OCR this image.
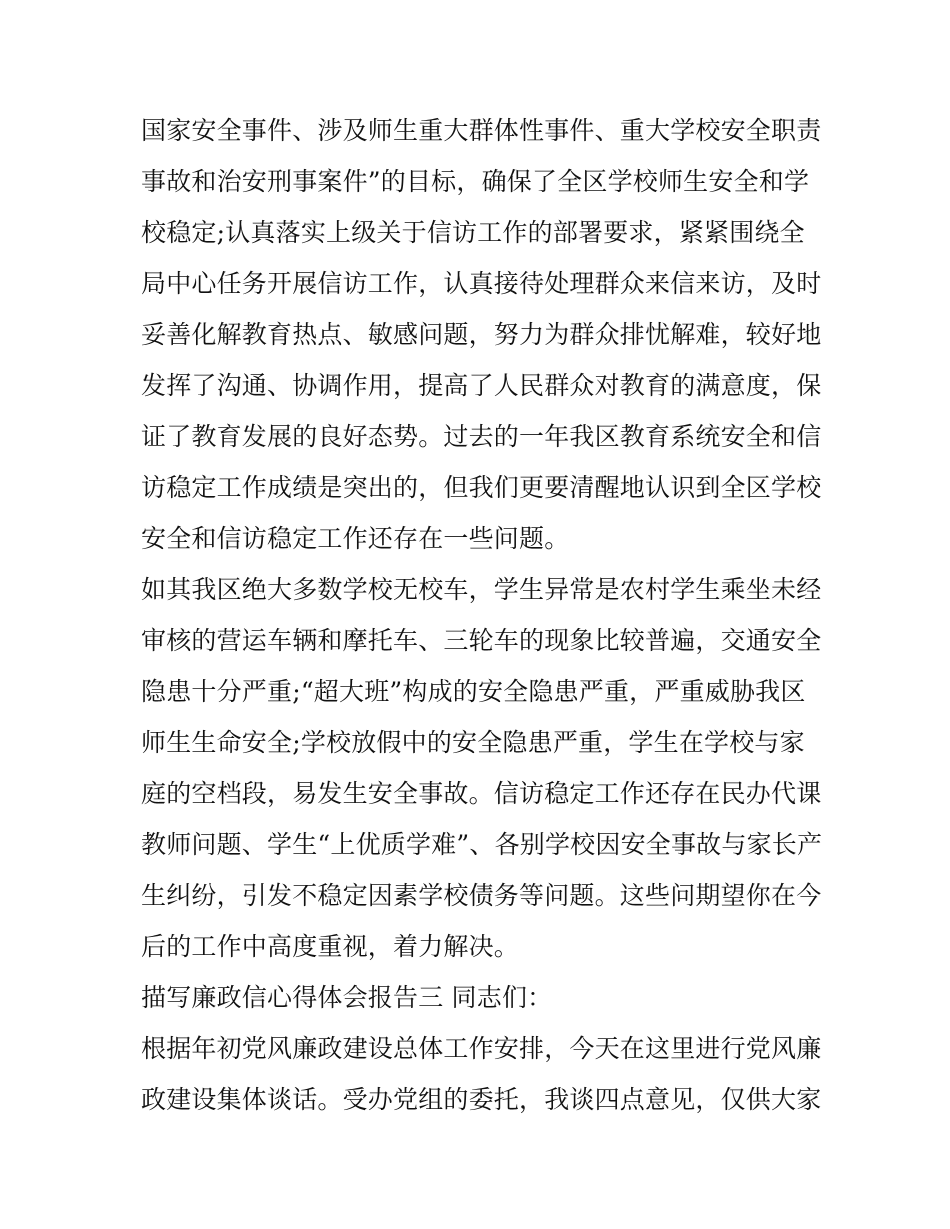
国家安全事件、涉及师生重大群体性事件、重大学校安全职责
事故和治安刑事案件”的目标，确保了全区学校师生安全和学
校稳定;认真落实上级关于信访工作的部署要求，紧紧围绕全
局中心任务开展信访工作，认真接待处理群众来信来访，及时
妥善化解教育热点、敏感问题，努力为群众排忧解难，较好地
发挥了沟通、协调作用，提高了人民群众对教育的满意度，保
证了教育发展的良好态势。过去的一年我区教育系统安全和信
访稳定工作成绩是突出的，但我们更要清醒地认识到全区学校
安全和信访稳定工作还存在一些问题。
如其我区绝大多数学校无校车，学生异常是农村学生乘坐未经
审核的营运车辆和摩托车、三轮车的现象比较普遍，交通安全
隐患十分严重;“超大班”构成的安全隐患严重，严重威胁我区
师生生命安全;学校放假中的安全隐患严重，学生在学校与家
庭的空档段，易发生安全事故。信访稳定工作还存在民办代课
教师问题、学生“上优质学难”、各别学校因安全事故与家长产
生纠纷，引发不稳定因素学校债务等问题。这些问期望你在今
后的工作中高度重视，着力解决。
描写廉政信心得体会报告三 同志们：
根据年初党风廉政建设总体工作安排，今天在这里进行党风廉
政建设集体谈话。受办党组的委托，我谈四点意见，仅供大家
